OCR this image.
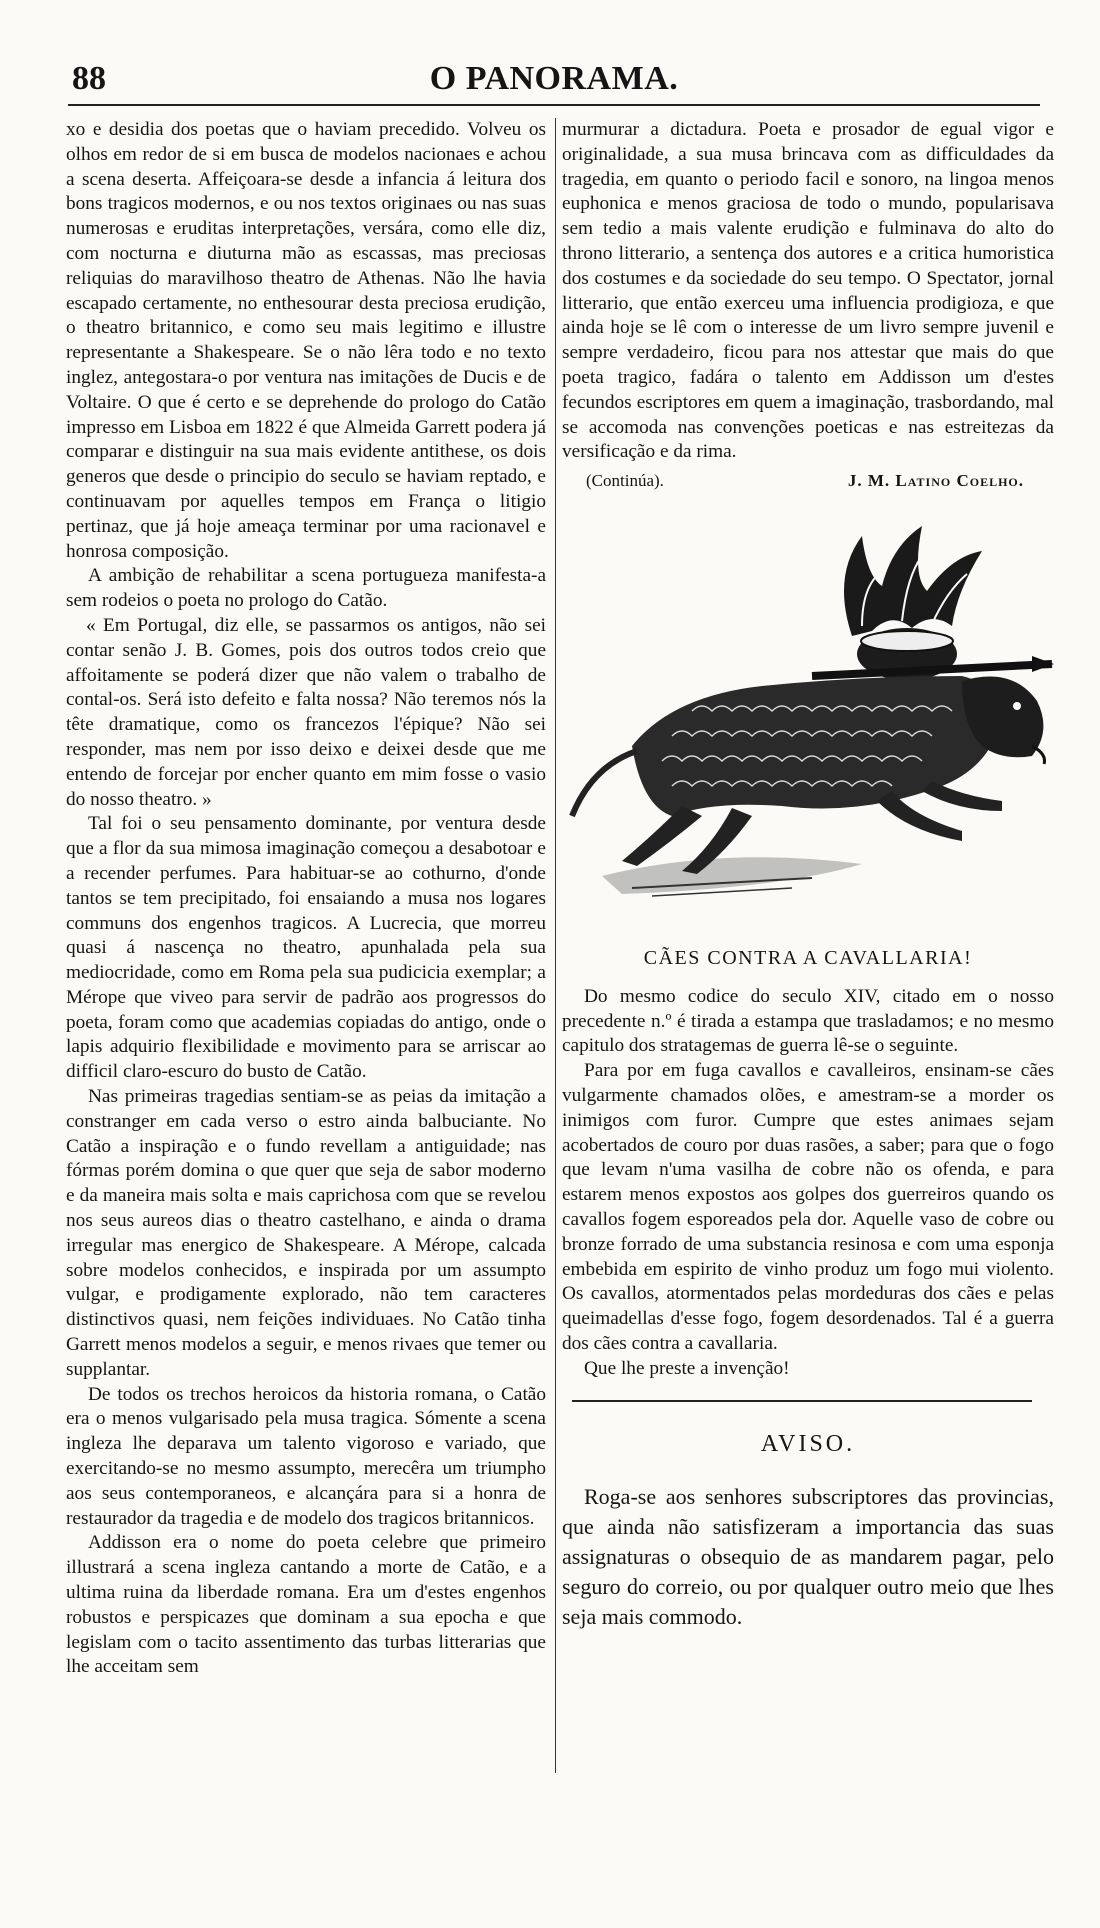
88	O PANORAMA.

xo e desidia dos poetas que o haviam precedido. Volveu os olhos em redor de si em busca de modelos nacionaes e achou a scena deserta. Affeiçoara-se desde a infancia á leitura dos bons tragicos modernos, e ou nos textos originaes ou nas suas numerosas e eruditas interpretações, versára, como elle diz, com nocturna e diuturna mão as escassas, mas preciosas reliquias do maravilhoso theatro de Athenas. Não lhe havia escapado certamente, no enthesourar desta preciosa erudição, o theatro britannico, e como seu mais legitimo e illustre representante a Shakespeare. Se o não lêra todo e no texto inglez, antegostara-o por ventura nas imitações de Ducis e de Voltaire. O que é certo e se deprehende do prologo do Catão impresso em Lisboa em 1822 é que Almeida Garrett podera já comparar e distinguir na sua mais evidente antithese, os dois generos que desde o principio do seculo se haviam reptado, e continuavam por aquelles tempos em França o litigio pertinaz, que já hoje ameaça terminar por uma racionavel e honrosa composição.

A ambição de rehabilitar a scena portugueza manifesta-a sem rodeios o poeta no prologo do Catão.

« Em Portugal, diz elle, se passarmos os antigos, não sei contar senão J. B. Gomes, pois dos outros todos creio que affoitamente se poderá dizer que não valem o trabalho de contal-os. Será isto defeito e falta nossa? Não teremos nós la tête dramatique, como os francezos l'épique? Não sei responder, mas nem por isso deixo e deixei desde que me entendo de forcejar por encher quanto em mim fosse o vasio do nosso theatro. »

Tal foi o seu pensamento dominante, por ventura desde que a flor da sua mimosa imaginação começou a desabotoar e a recender perfumes. Para habituar-se ao cothurno, d'onde tantos se tem precipitado, foi ensaiando a musa nos logares communs dos engenhos tragicos. A Lucrecia, que morreu quasi á nascença no theatro, apunhalada pela sua mediocridade, como em Roma pela sua pudicicia exemplar; a Mérope que viveo para servir de padrão aos progressos do poeta, foram como que academias copiadas do antigo, onde o lapis adquirio flexibilidade e movimento para se arriscar ao difficil claro-escuro do busto de Catão.

Nas primeiras tragedias sentiam-se as peias da imitação a constranger em cada verso o estro ainda balbuciante. No Catão a inspiração e o fundo revellam a antiguidade; nas fórmas porém domina o que quer que seja de sabor moderno e da maneira mais solta e mais caprichosa com que se revelou nos seus aureos dias o theatro castelhano, e ainda o drama irregular mas energico de Shakespeare. A Mérope, calcada sobre modelos conhecidos, e inspirada por um assumpto vulgar, e prodigamente explorado, não tem caracteres distinctivos quasi, nem feições individuaes. No Catão tinha Garrett menos modelos a seguir, e menos rivaes que temer ou supplantar.

De todos os trechos heroicos da historia romana, o Catão era o menos vulgarisado pela musa tragica. Sómente a scena ingleza lhe deparava um talento vigoroso e variado, que exercitando-se no mesmo assumpto, merecêra um triumpho aos seus contemporaneos, e alcançára para si a honra de restaurador da tragedia e de modelo dos tragicos britannicos.

Addisson era o nome do poeta celebre que primeiro illustrará a scena ingleza cantando a morte de Catão, e a ultima ruina da liberdade romana. Era um d'estes engenhos robustos e perspicazes que dominam a sua epocha e que legislam com o tacito assentimento das turbas litterarias que lhe acceitam sem

murmurar a dictadura. Poeta e prosador de egual vigor e originalidade, a sua musa brincava com as difficuldades da tragedia, em quanto o periodo facil e sonoro, na lingoa menos euphonica e menos graciosa de todo o mundo, popularisava sem tedio a mais valente erudição e fulminava do alto do throno litterario, a sentença dos autores e a critica humoristica dos costumes e da sociedade do seu tempo. O Spectator, jornal litterario, que então exerceu uma influencia prodigioza, e que ainda hoje se lê com o interesse de um livro sempre juvenil e sempre verdadeiro, ficou para nos attestar que mais do que poeta tragico, fadára o talento em Addisson um d'estes fecundos escriptores em quem a imaginação, trasbordando, mal se accomoda nas convenções poeticas e nas estreitezas da versificação e da rima.

(Continúa).	J. M. Latino Coelho.
CÃES CONTRA A CAVALLARIA!

Do mesmo codice do seculo XIV, citado em o nosso precedente n.º é tirada a estampa que trasladamos; e no mesmo capitulo dos stratagemas de guerra lê-se o seguinte.

Para por em fuga cavallos e cavalleiros, ensinam-se cães vulgarmente chamados olões, e amestram-se a morder os inimigos com furor. Cumpre que estes animaes sejam acobertados de couro por duas rasões, a saber; para que o fogo que levam n'uma vasilha de cobre não os ofenda, e para estarem menos expostos aos golpes dos guerreiros quando os cavallos fogem esporeados pela dor. Aquelle vaso de cobre ou bronze forrado de uma substancia resinosa e com uma esponja embebida em espirito de vinho produz um fogo mui violento. Os cavallos, atormentados pelas mordeduras dos cães e pelas queimadellas d'esse fogo, fogem desordenados. Tal é a guerra dos cães contra a cavallaria.

Que lhe preste a invenção!

AVISO.

Roga-se aos senhores subscriptores das provincias, que ainda não satisfizeram a importancia das suas assignaturas o obsequio de as mandarem pagar, pelo seguro do correio, ou por qualquer outro meio que lhes seja mais commodo.
